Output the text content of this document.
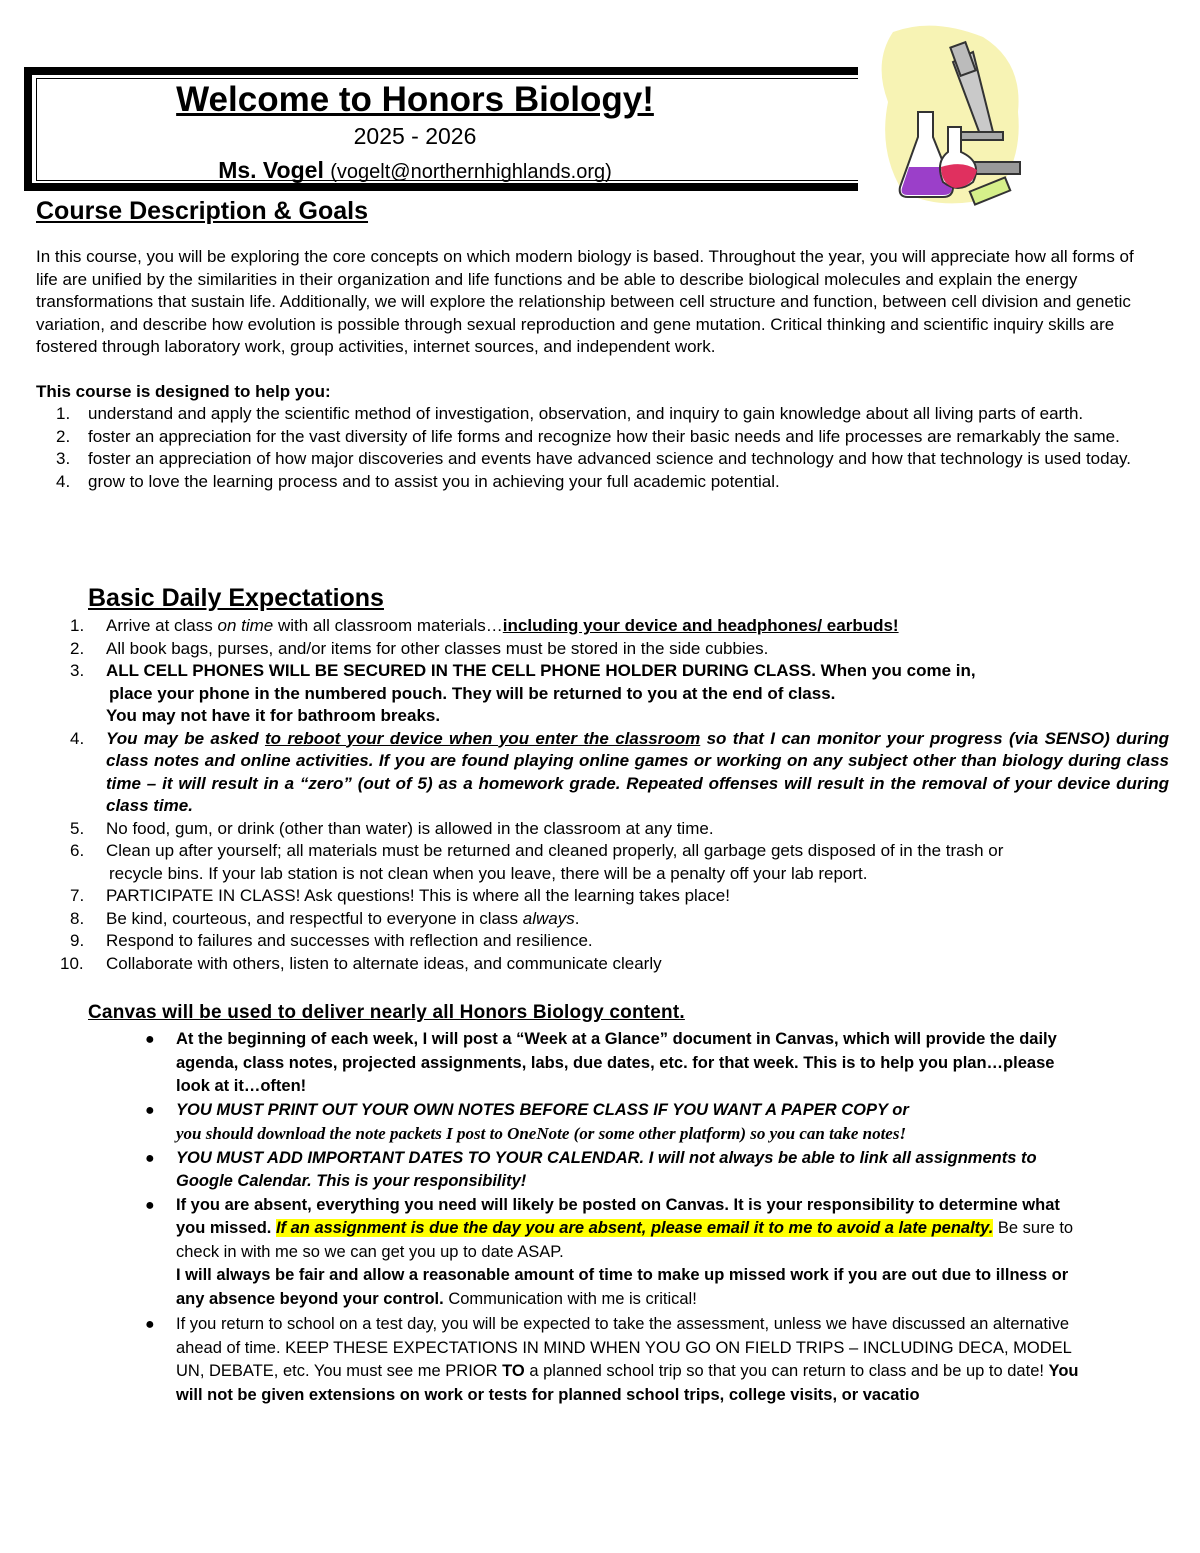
Welcome to Honors Biology!
2025 - 2026
Ms. Vogel (vogelt@northernhighlands.org)
Course Description & Goals
In this course, you will be exploring the core concepts on which modern biology is based. Throughout the year, you will appreciate how all forms of life are unified by the similarities in their organization and life functions and be able to describe biological molecules and explain the energy transformations that sustain life. Additionally, we will explore the relationship between cell structure and function, between cell division and genetic variation, and describe how evolution is possible through sexual reproduction and gene mutation. Critical thinking and scientific inquiry skills are fostered through laboratory work, group activities, internet sources, and independent work.
This course is designed to help you:
1. understand and apply the scientific method of investigation, observation, and inquiry to gain knowledge about all living parts of earth.
2. foster an appreciation for the vast diversity of life forms and recognize how their basic needs and life processes are remarkably the same.
3. foster an appreciation of how major discoveries and events have advanced science and technology and how that technology is used today.
4. grow to love the learning process and to assist you in achieving your full academic potential.
Basic Daily Expectations
1. Arrive at class on time with all classroom materials…including your device and headphones/ earbuds!
2. All book bags, purses, and/or items for other classes must be stored in the side cubbies.
3. ALL CELL PHONES WILL BE SECURED IN THE CELL PHONE HOLDER DURING CLASS. When you come in,
place your phone in the numbered pouch. They will be returned to you at the end of class.
You may not have it for bathroom breaks.
4. You may be asked to reboot your device when you enter the classroom so that I can monitor your progress (via SENSO) during class notes and online activities. If you are found playing online games or working on any subject other than biology during class time – it will result in a “zero” (out of 5) as a homework grade. Repeated offenses will result in the removal of your device during class time.
5. No food, gum, or drink (other than water) is allowed in the classroom at any time.
6. Clean up after yourself; all materials must be returned and cleaned properly, all garbage gets disposed of in the trash or
recycle bins. If your lab station is not clean when you leave, there will be a penalty off your lab report.
7. PARTICIPATE IN CLASS! Ask questions! This is where all the learning takes place!
8. Be kind, courteous, and respectful to everyone in class always.
9. Respond to failures and successes with reflection and resilience.
10. Collaborate with others, listen to alternate ideas, and communicate clearly
Canvas will be used to deliver nearly all Honors Biology content.
● At the beginning of each week, I will post a “Week at a Glance” document in Canvas, which will provide the daily agenda, class notes, projected assignments, labs, due dates, etc. for that week. This is to help you plan…please look at it…often!
● YOU MUST PRINT OUT YOUR OWN NOTES BEFORE CLASS IF YOU WANT A PAPER COPY or
you should download the note packets I post to OneNote (or some other platform) so you can take notes!
● YOU MUST ADD IMPORTANT DATES TO YOUR CALENDAR. I will not always be able to link all assignments to Google Calendar. This is your responsibility!
● If you are absent, everything you need will likely be posted on Canvas. It is your responsibility to determine what you missed. If an assignment is due the day you are absent, please email it to me to avoid a late penalty. Be sure to check in with me so we can get you up to date ASAP.
I will always be fair and allow a reasonable amount of time to make up missed work if you are out due to illness or any absence beyond your control. Communication with me is critical!
● If you return to school on a test day, you will be expected to take the assessment, unless we have discussed an alternative ahead of time. KEEP THESE EXPECTATIONS IN MIND WHEN YOU GO ON FIELD TRIPS – INCLUDING DECA, MODEL UN, DEBATE, etc. You must see me PRIOR TO a planned school trip so that you can return to class and be up to date! You will not be given extensions on work or tests for planned school trips, college visits, or vacatio
